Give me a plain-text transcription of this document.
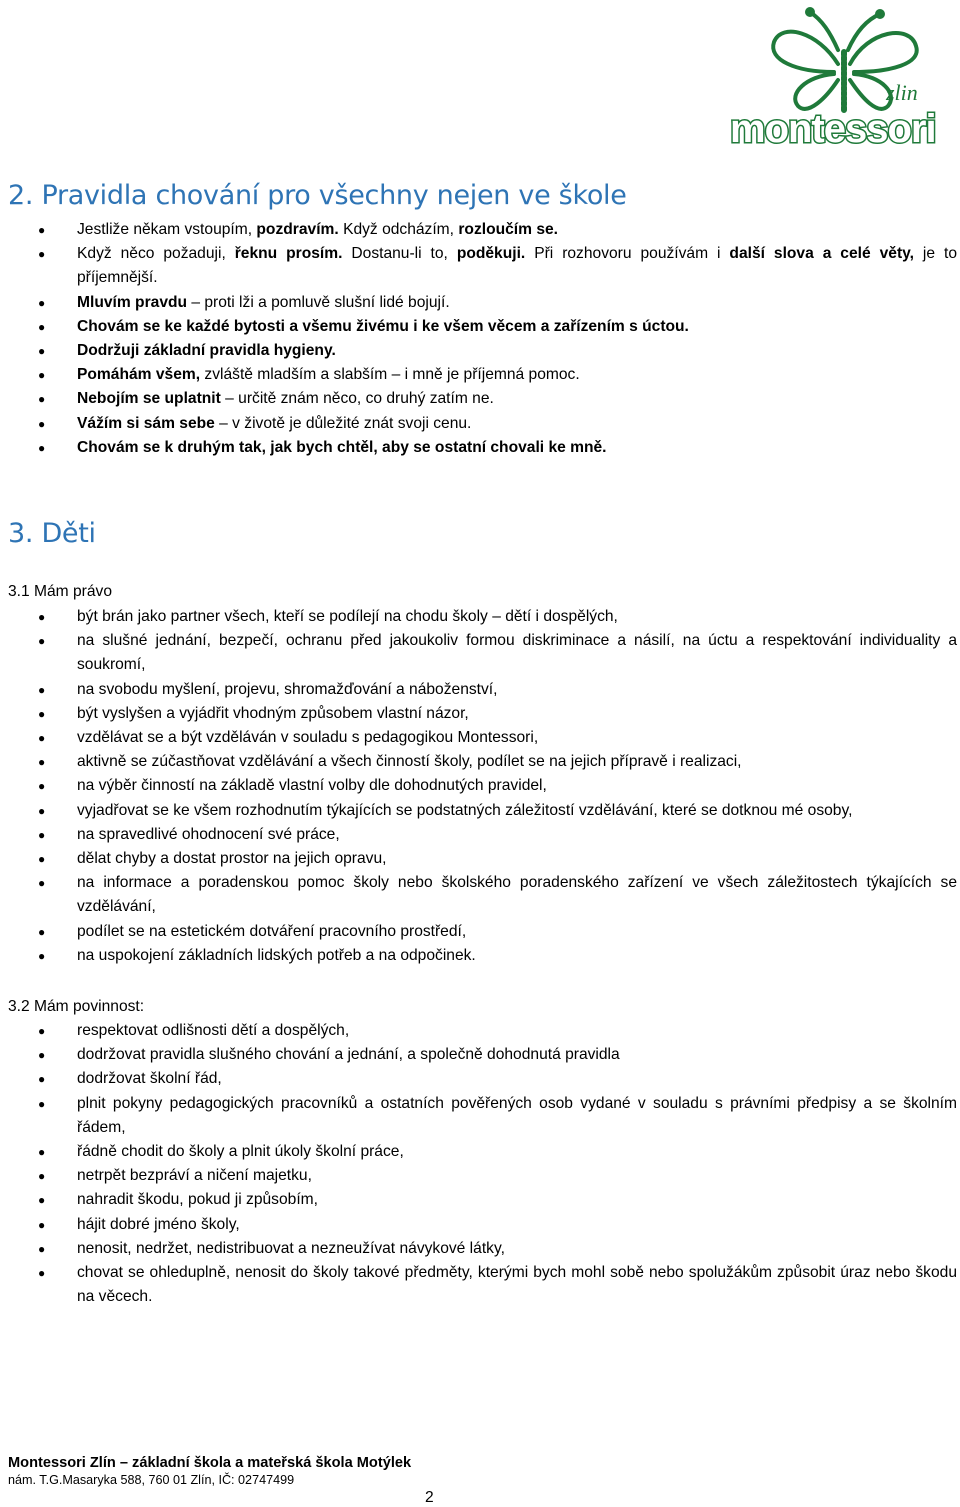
zlin
montessori
2. Pravidla chování pro všechny nejen ve škole
● Jestliže někam vstoupím, pozdravím. Když odcházím, rozloučím se.
● Když něco požaduji, řeknu prosím. Dostanu-li to, poděkuji. Při rozhovoru používám i další slova a celé věty, je to příjemnější.
● Mluvím pravdu – proti lži a pomluvě slušní lidé bojují.
● Chovám se ke každé bytosti a všemu živému i ke všem věcem a zařízením s úctou.
● Dodržuji základní pravidla hygieny.
● Pomáhám všem, zvláště mladším a slabším – i mně je příjemná pomoc.
● Nebojím se uplatnit – určitě znám něco, co druhý zatím ne.
● Vážím si sám sebe – v životě je důležité znát svoji cenu.
● Chovám se k druhým tak, jak bych chtěl, aby se ostatní chovali ke mně.
3. Děti
3.1 Mám právo
● být brán jako partner všech, kteří se podílejí na chodu školy – dětí i dospělých,
● na slušné jednání, bezpečí, ochranu před jakoukoliv formou diskriminace a násilí, na úctu a respektování individuality a soukromí,
● na svobodu myšlení, projevu, shromažďování a náboženství,
● být vyslyšen a vyjádřit vhodným způsobem vlastní názor,
● vzdělávat se a být vzděláván v souladu s pedagogikou Montessori,
● aktivně se zúčastňovat vzdělávání a všech činností školy, podílet se na jejich přípravě i realizaci,
● na výběr činností na základě vlastní volby dle dohodnutých pravidel,
● vyjadřovat se ke všem rozhodnutím týkajících se podstatných záležitostí vzdělávání, které se dotknou mé osoby,
● na spravedlivé ohodnocení své práce,
● dělat chyby a dostat prostor na jejich opravu,
● na informace a poradenskou pomoc školy nebo školského poradenského zařízení ve všech záležitostech týkajících se vzdělávání,
● podílet se na estetickém dotváření pracovního prostředí,
● na uspokojení základních lidských potřeb a na odpočinek.
3.2 Mám povinnost:
● respektovat odlišnosti dětí a dospělých,
● dodržovat pravidla slušného chování a jednání, a společně dohodnutá pravidla
● dodržovat školní řád,
● plnit pokyny pedagogických pracovníků a ostatních pověřených osob vydané v souladu s právními předpisy a se školním řádem,
● řádně chodit do školy a plnit úkoly školní práce,
● netrpět bezpráví a ničení majetku,
● nahradit škodu, pokud ji způsobím,
● hájit dobré jméno školy,
● nenosit, nedržet, nedistribuovat a nezneužívat návykové látky,
● chovat se ohleduplně, nenosit do školy takové předměty, kterými bych mohl sobě nebo spolužákům způsobit úraz nebo škodu na věcech.
Montessori Zlín – základní škola a mateřská škola Motýlek
nám. T.G.Masaryka 588, 760 01 Zlín, IČ: 02747499
2
